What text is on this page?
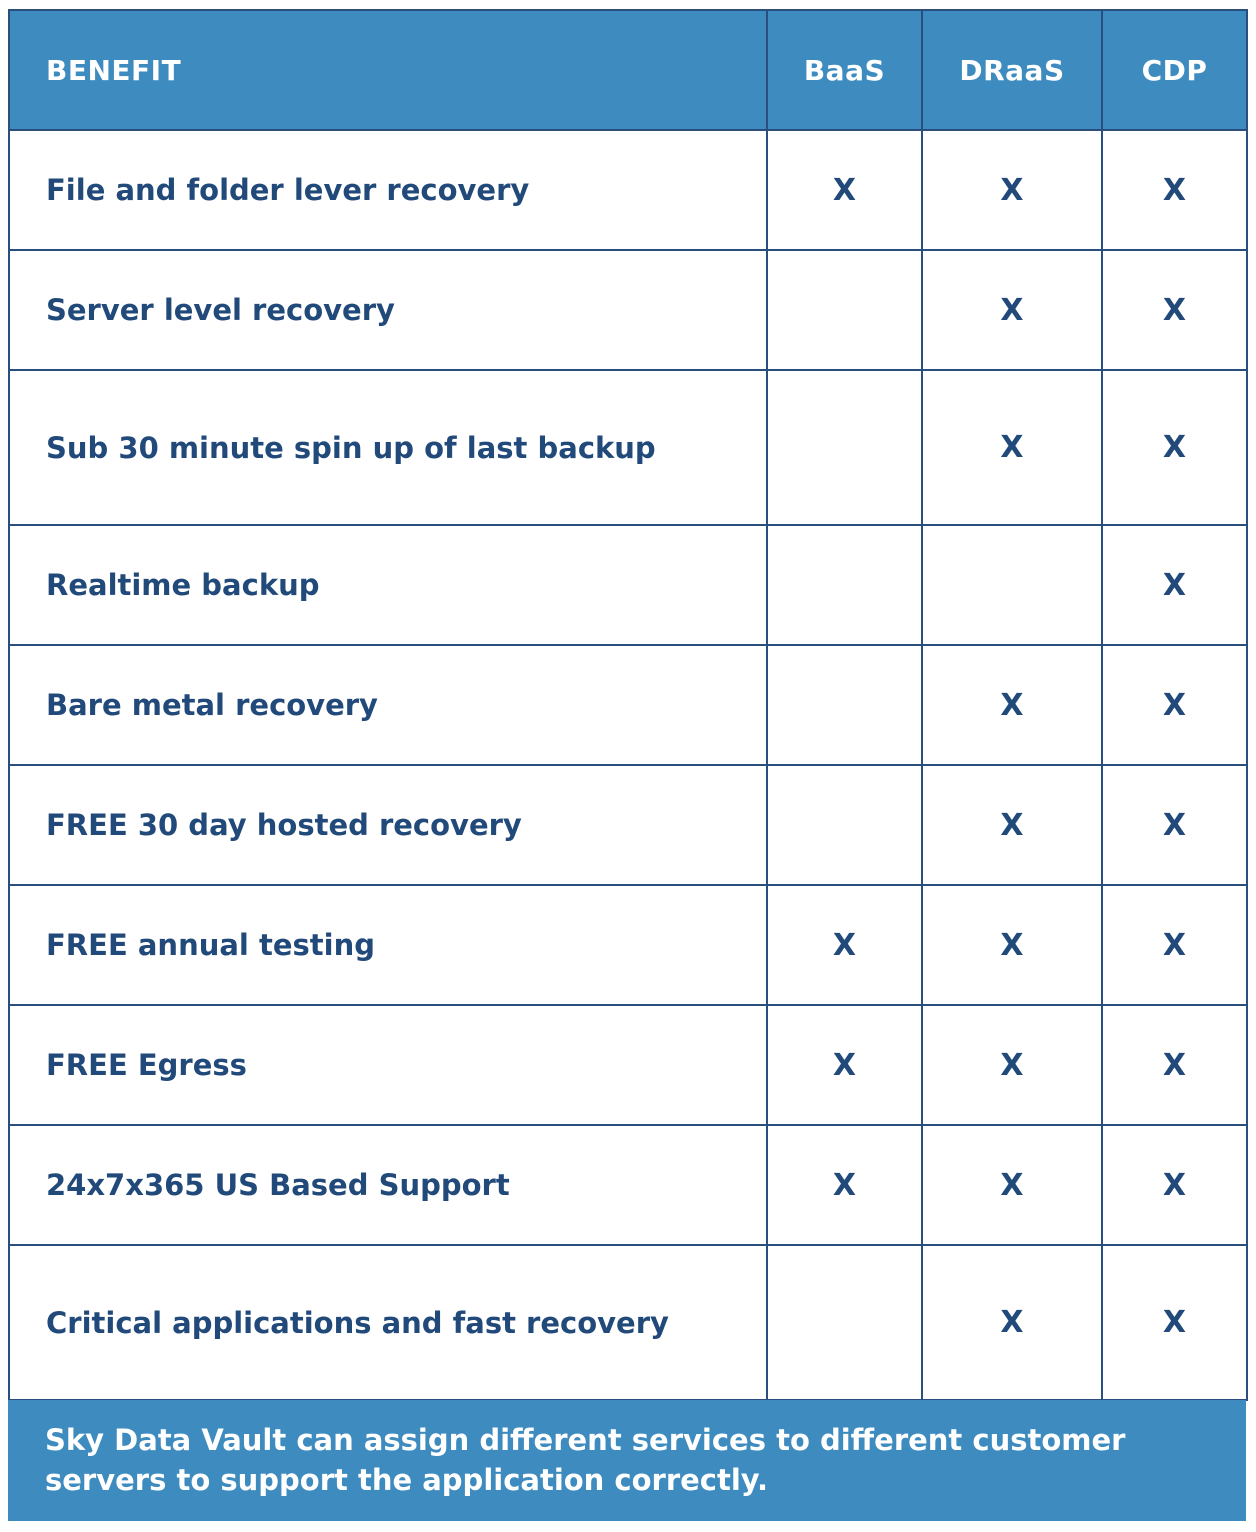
BENEFIT	BaaS	DRaaS	CDP
File and folder lever recovery	X	X	X
Server level recovery		X	X
Sub 30 minute spin up of last backup		X	X
Realtime backup			X
Bare metal recovery		X	X
FREE 30 day hosted recovery		X	X
FREE annual testing	X	X	X
FREE Egress	X	X	X
24x7x365 US Based Support	X	X	X
Critical applications and fast recovery		X	X
Sky Data Vault can assign different services to different customer servers to support the application correctly.
